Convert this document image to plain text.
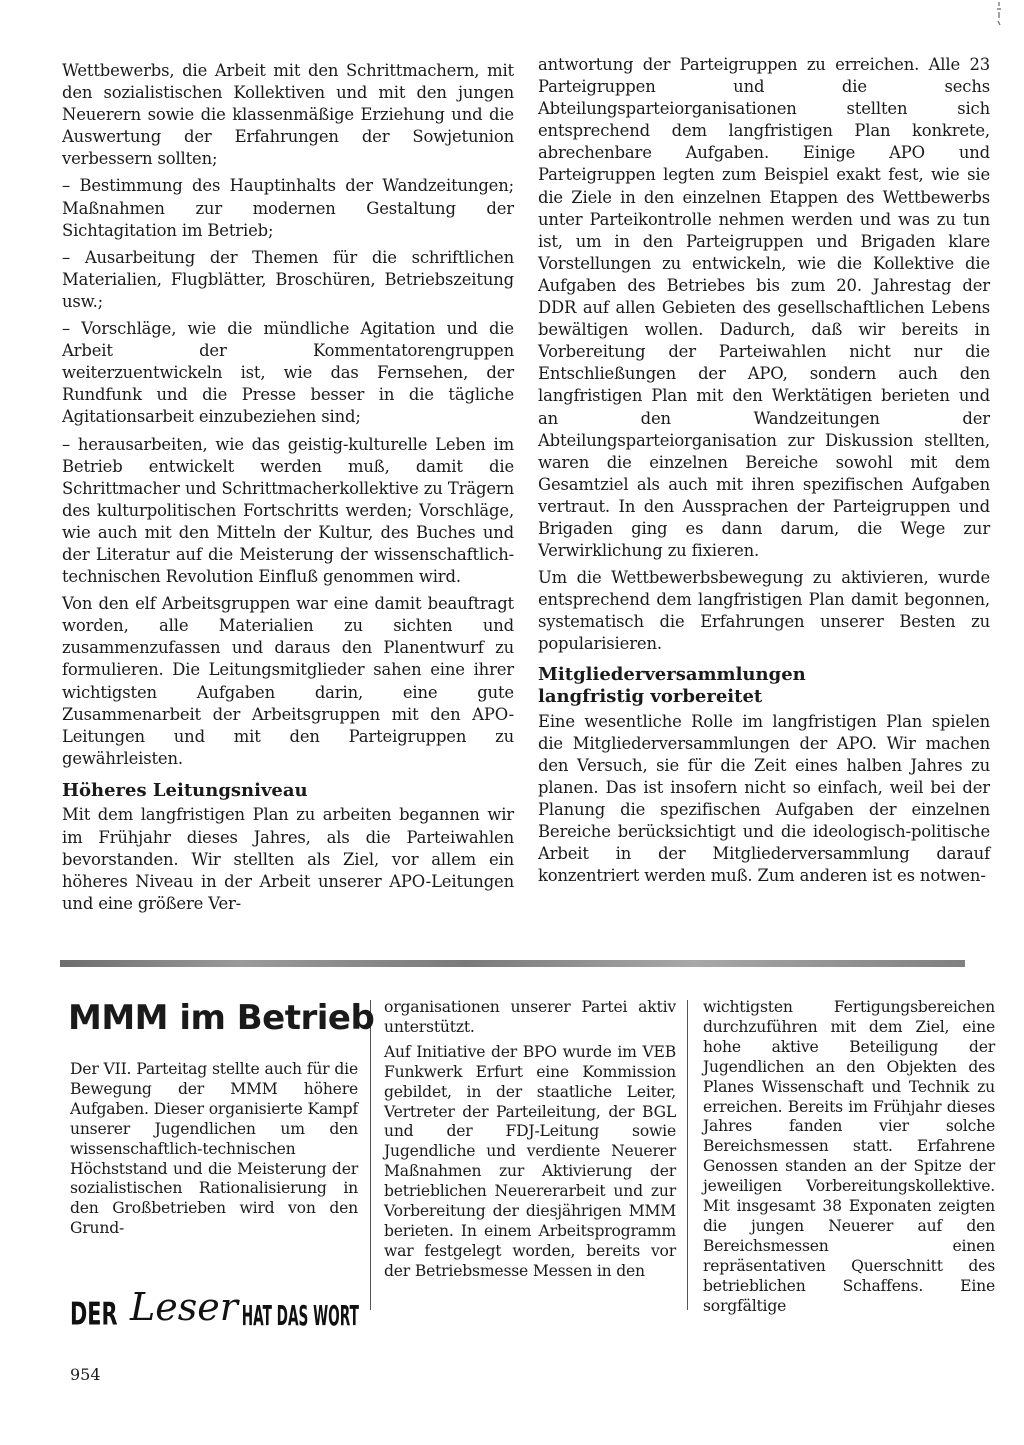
Wettbewerbs, die Arbeit mit den Schrittmachern, mit den sozialistischen Kollektiven und mit den jungen Neuerern sowie die klassenmäßige Erziehung und die Auswertung der Erfahrungen der Sowjetunion verbessern sollten;

– Bestimmung des Hauptinhalts der Wandzeitungen; Maßnahmen zur modernen Gestaltung der Sichtagitation im Betrieb;

– Ausarbeitung der Themen für die schriftlichen Materialien, Flugblätter, Broschüren, Betriebszeitung usw.;

– Vorschläge, wie die mündliche Agitation und die Arbeit der Kommentatorengruppen weiterzuentwickeln ist, wie das Fernsehen, der Rundfunk und die Presse besser in die tägliche Agitationsarbeit einzubeziehen sind;

– herausarbeiten, wie das geistig-kulturelle Leben im Betrieb entwickelt werden muß, damit die Schrittmacher und Schrittmacherkollektive zu Trägern des kulturpolitischen Fortschritts werden; Vorschläge, wie auch mit den Mitteln der Kultur, des Buches und der Literatur auf die Meisterung der wissenschaftlich-technischen Revolution Einfluß genommen wird.

Von den elf Arbeitsgruppen war eine damit beauftragt worden, alle Materialien zu sichten und zusammenzufassen und daraus den Planentwurf zu formulieren. Die Leitungsmitglieder sahen eine ihrer wichtigsten Aufgaben darin, eine gute Zusammenarbeit der Arbeitsgruppen mit den APO-Leitungen und mit den Parteigruppen zu gewährleisten.

Höheres Leitungsniveau

Mit dem langfristigen Plan zu arbeiten begannen wir im Frühjahr dieses Jahres, als die Parteiwahlen bevorstanden. Wir stellten als Ziel, vor allem ein höheres Niveau in der Arbeit unserer APO-Leitungen und eine größere Ver-

antwortung der Parteigruppen zu erreichen. Alle 23 Parteigruppen und die sechs Abteilungsparteiorganisationen stellten sich entsprechend dem langfristigen Plan konkrete, abrechenbare Aufgaben. Einige APO und Parteigruppen legten zum Beispiel exakt fest, wie sie die Ziele in den einzelnen Etappen des Wettbewerbs unter Parteikontrolle nehmen werden und was zu tun ist, um in den Parteigruppen und Brigaden klare Vorstellungen zu entwickeln, wie die Kollektive die Aufgaben des Betriebes bis zum 20. Jahrestag der DDR auf allen Gebieten des gesellschaftlichen Lebens bewältigen wollen. Dadurch, daß wir bereits in Vorbereitung der Parteiwahlen nicht nur die Entschließungen der APO, sondern auch den langfristigen Plan mit den Werktätigen berieten und an den Wandzeitungen der Abteilungsparteiorganisation zur Diskussion stellten, waren die einzelnen Bereiche sowohl mit dem Gesamtziel als auch mit ihren spezifischen Aufgaben vertraut. In den Aussprachen der Parteigruppen und Brigaden ging es dann darum, die Wege zur Verwirklichung zu fixieren.

Um die Wettbewerbsbewegung zu aktivieren, wurde entsprechend dem langfristigen Plan damit begonnen, systematisch die Erfahrungen unserer Besten zu popularisieren.

Mitgliederversammlungen
langfristig vorbereitet

Eine wesentliche Rolle im langfristigen Plan spielen die Mitgliederversammlungen der APO. Wir machen den Versuch, sie für die Zeit eines halben Jahres zu planen. Das ist insofern nicht so einfach, weil bei der Planung die spezifischen Aufgaben der einzelnen Bereiche berücksichtigt und die ideologisch-politische Arbeit in der Mitgliederversammlung darauf konzentriert werden muß. Zum anderen ist es notwen-

MMM im Betrieb

Der VII. Parteitag stellte auch für die Bewegung der MMM höhere Aufgaben. Dieser organisierte Kampf unserer Jugendlichen um den wissenschaftlich-technischen Höchststand und die Meisterung der sozialistischen Rationalisierung in den Großbetrieben wird von den Grund-

organisationen unserer Partei aktiv unterstützt.

Auf Initiative der BPO wurde im VEB Funkwerk Erfurt eine Kommission gebildet, in der staatliche Leiter, Vertreter der Parteileitung, der BGL und der FDJ-Leitung sowie Jugendliche und verdiente Neuerer Maßnahmen zur Aktivierung der betrieblichen Neuererarbeit und zur Vorbereitung der diesjährigen MMM berieten. In einem Arbeitsprogramm war festgelegt worden, bereits vor der Betriebsmesse Messen in den

wichtigsten Fertigungsbereichen durchzuführen mit dem Ziel, eine hohe aktive Beteiligung der Jugendlichen an den Objekten des Planes Wissenschaft und Technik zu erreichen. Bereits im Frühjahr dieses Jahres fanden vier solche Bereichsmessen statt. Erfahrene Genossen standen an der Spitze der jeweiligen Vorbereitungskollektive. Mit insgesamt 38 Exponaten zeigten die jungen Neuerer auf den Bereichsmessen einen repräsentativen Querschnitt des betrieblichen Schaffens. Eine sorgfältige

DER Leser HAT DAS WORT

954
